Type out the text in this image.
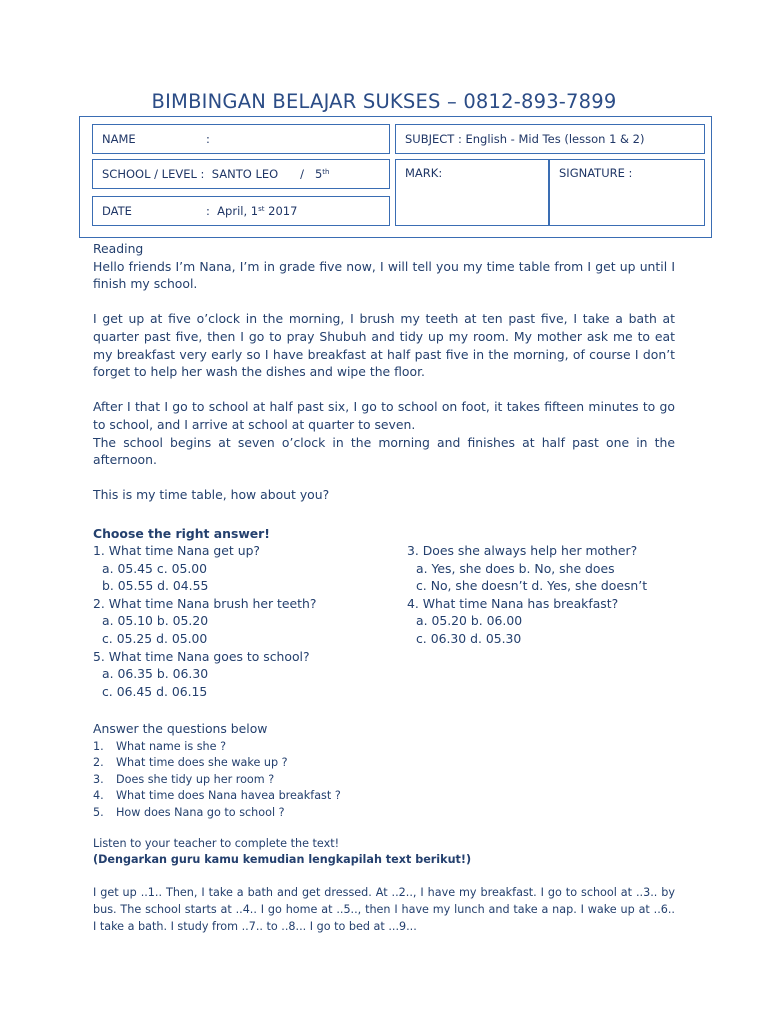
BIMBINGAN BELAJAR SUKSES – 0812-893-7899
NAME	:	SUBJECT : English - Mid Tes (lesson 1 & 2)
SCHOOL / LEVEL :  SANTO LEO      /   5th	MARK:	SIGNATURE :
DATE	:  April, 1st 2017

Reading

Hello friends I’m Nana, I’m in grade five now, I will tell you my time table from I get up until I finish my school.

I get up at five o’clock in the morning, I brush my teeth at ten past five, I take a bath at quarter past five, then I go to pray Shubuh and tidy up my room. My mother ask me to eat my breakfast very early so I have breakfast at half past five in the morning, of course I don’t forget to help her wash the dishes and wipe the floor.

After I that I go to school at half past six, I go to school on foot, it takes fifteen minutes to go to school, and I arrive at school at quarter to seven.

The school begins at seven o’clock in the morning and finishes at half past one in the afternoon.

This is my time table, how about you?

Choose the right answer!
1. What time Nana get up?
a. 05.45 c. 05.00
b. 05.55 d. 04.55
2. What time Nana brush her teeth?
a. 05.10 b. 05.20
c. 05.25 d. 05.00
5. What time Nana goes to school?
a. 06.35 b. 06.30
c. 06.45 d. 06.15
3. Does she always help her mother?
a. Yes, she does b. No, she does
c. No, she doesn’t d. Yes, she doesn’t
4. What time Nana has breakfast?
a. 05.20 b. 06.00
c. 06.30 d. 05.30
Answer the questions below
1.	What name is she ?
2.	What time does she wake up ?
3.	Does she tidy up her room ?
4.	What time does Nana havea breakfast ?
5.	How does Nana go to school ?
Listen to your teacher to complete the text!
(Dengarkan guru kamu kemudian lengkapilah text berikut!)

I get up ..1.. Then, I take a bath and get dressed. At ..2.., I have my breakfast. I go to school at ..3.. by bus. The school starts at ..4.. I go home at ..5.., then I have my lunch and take a nap. I wake up at ..6.. I take a bath. I study from ..7.. to ..8... I go to bed at ...9...
